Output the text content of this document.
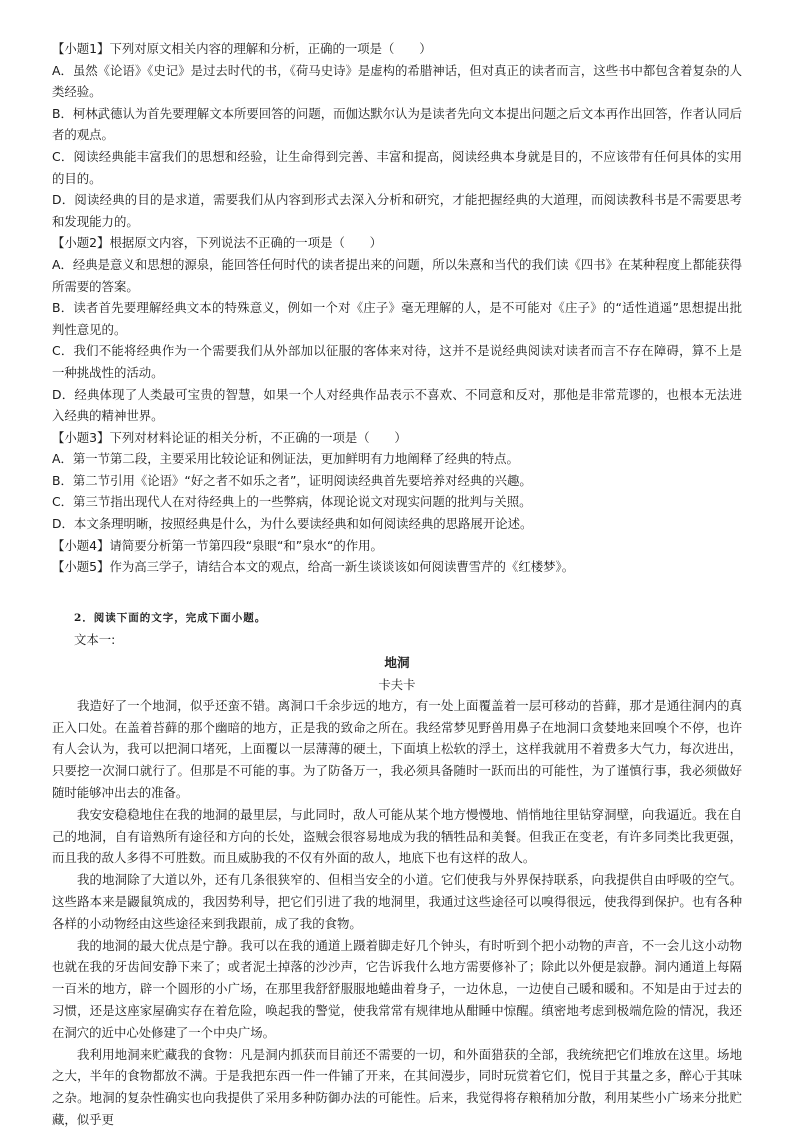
【小题1】下列对原文相关内容的理解和分析，正确的一项是（　　）

A．虽然《论语》《史记》是过去时代的书，《荷马史诗》是虚构的希腊神话，但对真正的读者而言，这些书中都包含着复杂的人类经验。

B．柯林武德认为首先要理解文本所要回答的问题，而伽达默尔认为是读者先向文本提出问题之后文本再作出回答，作者认同后者的观点。

C．阅读经典能丰富我们的思想和经验，让生命得到完善、丰富和提高，阅读经典本身就是目的，不应该带有任何具体的实用的目的。

D．阅读经典的目的是求道，需要我们从内容到形式去深入分析和研究，才能把握经典的大道理，而阅读教科书是不需要思考和发现能力的。

【小题2】根据原文内容，下列说法不正确的一项是（　　）

A．经典是意义和思想的源泉，能回答任何时代的读者提出来的问题，所以朱熹和当代的我们读《四书》在某种程度上都能获得所需要的答案。

B．读者首先要理解经典文本的特殊意义，例如一个对《庄子》毫无理解的人，是不可能对《庄子》的“适性逍遥”思想提出批判性意见的。

C．我们不能将经典作为一个需要我们从外部加以征服的客体来对待，这并不是说经典阅读对读者而言不存在障碍，算不上是一种挑战性的活动。

D．经典体现了人类最可宝贵的智慧，如果一个人对经典作品表示不喜欢、不同意和反对，那他是非常荒谬的，也根本无法进入经典的精神世界。

【小题3】下列对材料论证的相关分析，不正确的一项是（　　）

A．第一节第二段，主要采用比较论证和例证法，更加鲜明有力地阐释了经典的特点。

B．第二节引用《论语》“好之者不如乐之者”，证明阅读经典首先要培养对经典的兴趣。

C．第三节指出现代人在对待经典上的一些弊病，体现论说文对现实问题的批判与关照。

D．本文条理明晰，按照经典是什么，为什么要读经典和如何阅读经典的思路展开论述。

【小题4】请简要分析第一节第四段“泉眼“和”泉水“的作用。

【小题5】作为高三学子，请结合本文的观点，给高一新生谈谈该如何阅读曹雪芹的《红楼梦》。

2．阅读下面的文字，完成下面小题。

文本一:

地洞

卡夫卡

我造好了一个地洞，似乎还蛮不错。离洞口千余步远的地方，有一处上面覆盖着一层可移动的苔藓，那才是通往洞内的真正入口处。在盖着苔藓的那个幽暗的地方，正是我的致命之所在。我经常梦见野兽用鼻子在地洞口贪婪地来回嗅个不停，也许有人会认为，我可以把洞口堵死，上面覆以一层薄薄的硬土，下面填上松软的浮土，这样我就用不着费多大气力，每次进出，只要挖一次洞口就行了。但那是不可能的事。为了防备万一，我必须具备随时一跃而出的可能性，为了谨慎行事，我必须做好随时能够冲出去的准备。

我安安稳稳地住在我的地洞的最里层，与此同时，敌人可能从某个地方慢慢地、悄悄地往里钻穿洞壁，向我逼近。我在自己的地洞，自有谙熟所有途径和方向的长处，盗贼会很容易地成为我的牺牲品和美餐。但我正在变老，有许多同类比我更强，而且我的敌人多得不可胜数。而且威胁我的不仅有外面的敌人，地底下也有这样的敌人。

我的地洞除了大道以外，还有几条很狭窄的、但相当安全的小道。它们使我与外界保持联系，向我提供自由呼吸的空气。这些路本来是鼹鼠筑成的，我因势利导，把它们引进了我的地洞里，我通过这些途径可以嗅得很远，使我得到保护。也有各种各样的小动物经由这些途径来到我跟前，成了我的食物。

我的地洞的最大优点是宁静。我可以在我的通道上蹑着脚走好几个钟头，有时听到个把小动物的声音，不一会儿这小动物也就在我的牙齿间安静下来了；或者泥土掉落的沙沙声，它告诉我什么地方需要修补了；除此以外便是寂静。洞内通道上每隔一百米的地方，辟一个圆形的小广场，在那里我舒舒服服地蜷曲着身子，一边休息，一边使自己暖和暖和。不知是由于过去的习惯，还是这座家屋确实存在着危险，唤起我的警觉，使我常常有规律地从酣睡中惊醒。缜密地考虑到极端危险的情况，我还在洞穴的近中心处修建了一个中央广场。

我利用地洞来贮藏我的食物：凡是洞内抓获而目前还不需要的一切，和外面猎获的全部，我统统把它们堆放在这里。场地之大，半年的食物都放不满。于是我把东西一件一件铺了开来，在其间漫步，同时玩赏着它们，悦目于其量之多，醉心于其味之杂。地洞的复杂性确实也向我提供了采用多种防御办法的可能性。后来，我觉得将存粮稍加分散，利用某些小广场来分批贮藏，似乎更
